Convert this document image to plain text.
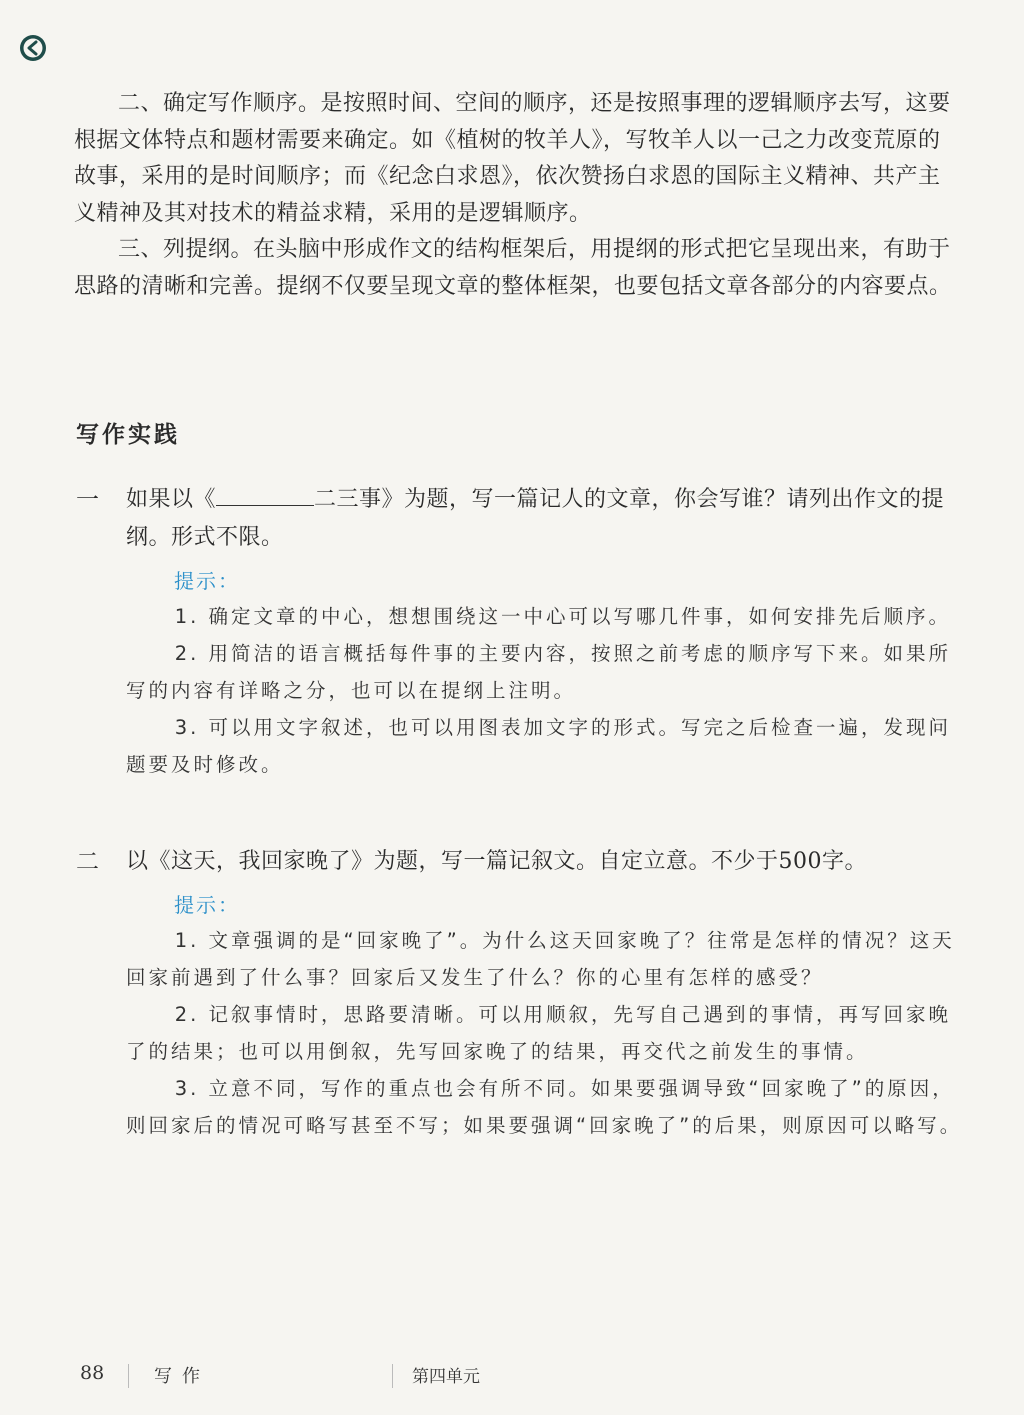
二、确定写作顺序。是按照时间、空间的顺序，还是按照事理的逻辑顺序去写，这要根据文体特点和题材需要来确定。如《植树的牧羊人》，写牧羊人以一己之力改变荒原的故事，采用的是时间顺序；而《纪念白求恩》，依次赞扬白求恩的国际主义精神、共产主义精神及其对技术的精益求精，采用的是逻辑顺序。

三、列提纲。在头脑中形成作文的结构框架后，用提纲的形式把它呈现出来，有助于思路的清晰和完善。提纲不仅要呈现文章的整体框架，也要包括文章各部分的内容要点。

写作实践
一 如果以《	二三事》为题，写一篇记人的文章，你会写谁？请列出作文的提纲。形式不限。

提示：

1. 确定文章的中心，想想围绕这一中心可以写哪几件事，如何安排先后顺序。

2. 用简洁的语言概括每件事的主要内容，按照之前考虑的顺序写下来。如果所写的内容有详略之分，也可以在提纲上注明。

3. 可以用文字叙述，也可以用图表加文字的形式。写完之后检查一遍，发现问题要及时修改。

二 以《这天，我回家晚了》为题，写一篇记叙文。自定立意。不少于500字。

提示：

1. 文章强调的是“回家晚了”。为什么这天回家晚了？往常是怎样的情况？这天回家前遇到了什么事？回家后又发生了什么？你的心里有怎样的感受？

2. 记叙事情时，思路要清晰。可以用顺叙，先写自己遇到的事情，再写回家晚了的结果；也可以用倒叙，先写回家晚了的结果，再交代之前发生的事情。

3. 立意不同，写作的重点也会有所不同。如果要强调导致“回家晚了”的原因，则回家后的情况可略写甚至不写；如果要强调“回家晚了”的后果，则原因可以略写。

88	写作	第四单元
